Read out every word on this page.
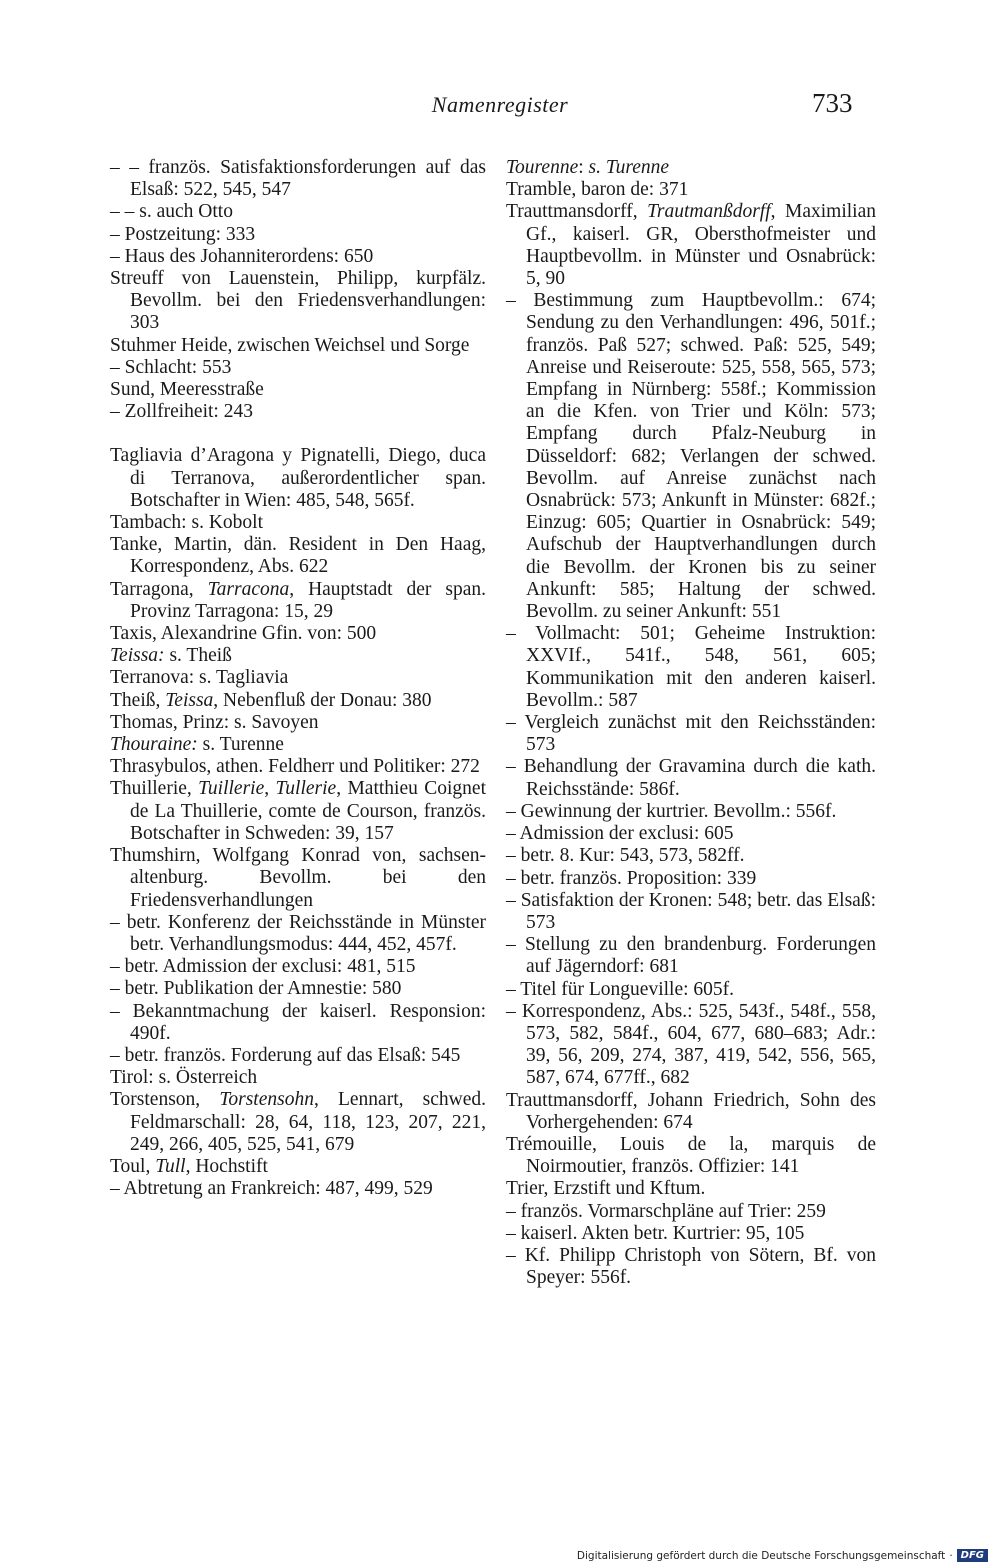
Namenregister	733
– – französ. Satisfaktionsforderungen auf das Elsaß: 522, 545, 547
– – s. auch Otto
– Postzeitung: 333
– Haus des Johanniterordens: 650
Streuff von Lauenstein, Philipp, kurpfälz. Bevollm. bei den Friedensverhandlungen: 303
Stuhmer Heide, zwischen Weichsel und Sorge
– Schlacht: 553
Sund, Meeresstraße
– Zollfreiheit: 243
Tagliavia d’Aragona y Pignatelli, Diego, duca di Terranova, außerordentlicher span. Botschafter in Wien: 485, 548, 565f.
Tambach: s. Kobolt
Tanke, Martin, dän. Resident in Den Haag, Korrespondenz, Abs. 622
Tarragona, Tarracona, Hauptstadt der span. Provinz Tarragona: 15, 29
Taxis, Alexandrine Gfin. von: 500
Teissa: s. Theiß
Terranova: s. Tagliavia
Theiß, Teissa, Nebenfluß der Donau: 380
Thomas, Prinz: s. Savoyen
Thouraine: s. Turenne
Thrasybulos, athen. Feldherr und Politiker: 272
Thuillerie, Tuillerie, Tullerie, Matthieu Coignet de La Thuillerie, comte de Courson, französ. Botschafter in Schweden: 39, 157
Thumshirn, Wolfgang Konrad von, sachsen-altenburg. Bevollm. bei den Friedensverhandlungen
– betr. Konferenz der Reichsstände in Münster betr. Verhandlungsmodus: 444, 452, 457f.
– betr. Admission der exclusi: 481, 515
– betr. Publikation der Amnestie: 580
– Bekanntmachung der kaiserl. Responsion: 490f.
– betr. französ. Forderung auf das Elsaß: 545
Tirol: s. Österreich
Torstenson, Torstensohn, Lennart, schwed. Feldmarschall: 28, 64, 118, 123, 207, 221, 249, 266, 405, 525, 541, 679
Toul, Tull, Hochstift
– Abtretung an Frankreich: 487, 499, 529
Tourenne: s. Turenne
Tramble, baron de: 371
Trauttmansdorff, Trautmanßdorff, Maximilian Gf., kaiserl. GR, Obersthofmeister und Hauptbevollm. in Münster und Osnabrück: 5, 90
– Bestimmung zum Hauptbevollm.: 674; Sendung zu den Verhandlungen: 496, 501f.; französ. Paß 527; schwed. Paß: 525, 549; Anreise und Reiseroute: 525, 558, 565, 573; Empfang in Nürnberg: 558f.; Kommission an die Kfen. von Trier und Köln: 573; Empfang durch Pfalz-Neuburg in Düsseldorf: 682; Verlangen der schwed. Bevollm. auf Anreise zunächst nach Osnabrück: 573; Ankunft in Münster: 682f.; Einzug: 605; Quartier in Osnabrück: 549; Aufschub der Hauptverhandlungen durch die Bevollm. der Kronen bis zu seiner Ankunft: 585; Haltung der schwed. Bevollm. zu seiner Ankunft: 551
– Vollmacht: 501; Geheime Instruktion: XXVIf., 541f., 548, 561, 605; Kommunikation mit den anderen kaiserl. Bevollm.: 587
– Vergleich zunächst mit den Reichsständen: 573
– Behandlung der Gravamina durch die kath. Reichsstände: 586f.
– Gewinnung der kurtrier. Bevollm.: 556f.
– Admission der exclusi: 605
– betr. 8. Kur: 543, 573, 582ff.
– betr. französ. Proposition: 339
– Satisfaktion der Kronen: 548; betr. das Elsaß: 573
– Stellung zu den brandenburg. Forderungen auf Jägerndorf: 681
– Titel für Longueville: 605f.
– Korrespondenz, Abs.: 525, 543f., 548f., 558, 573, 582, 584f., 604, 677, 680–683; Adr.: 39, 56, 209, 274, 387, 419, 542, 556, 565, 587, 674, 677ff., 682
Trauttmansdorff, Johann Friedrich, Sohn des Vorhergehenden: 674
Trémouille, Louis de la, marquis de Noirmoutier, französ. Offizier: 141
Trier, Erzstift und Kftum.
– französ. Vormarschpläne auf Trier: 259
– kaiserl. Akten betr. Kurtrier: 95, 105
– Kf. Philipp Christoph von Sötern, Bf. von Speyer: 556f.
Digitalisierung gefördert durch die Deutsche Forschungsgemeinschaft · DFG
